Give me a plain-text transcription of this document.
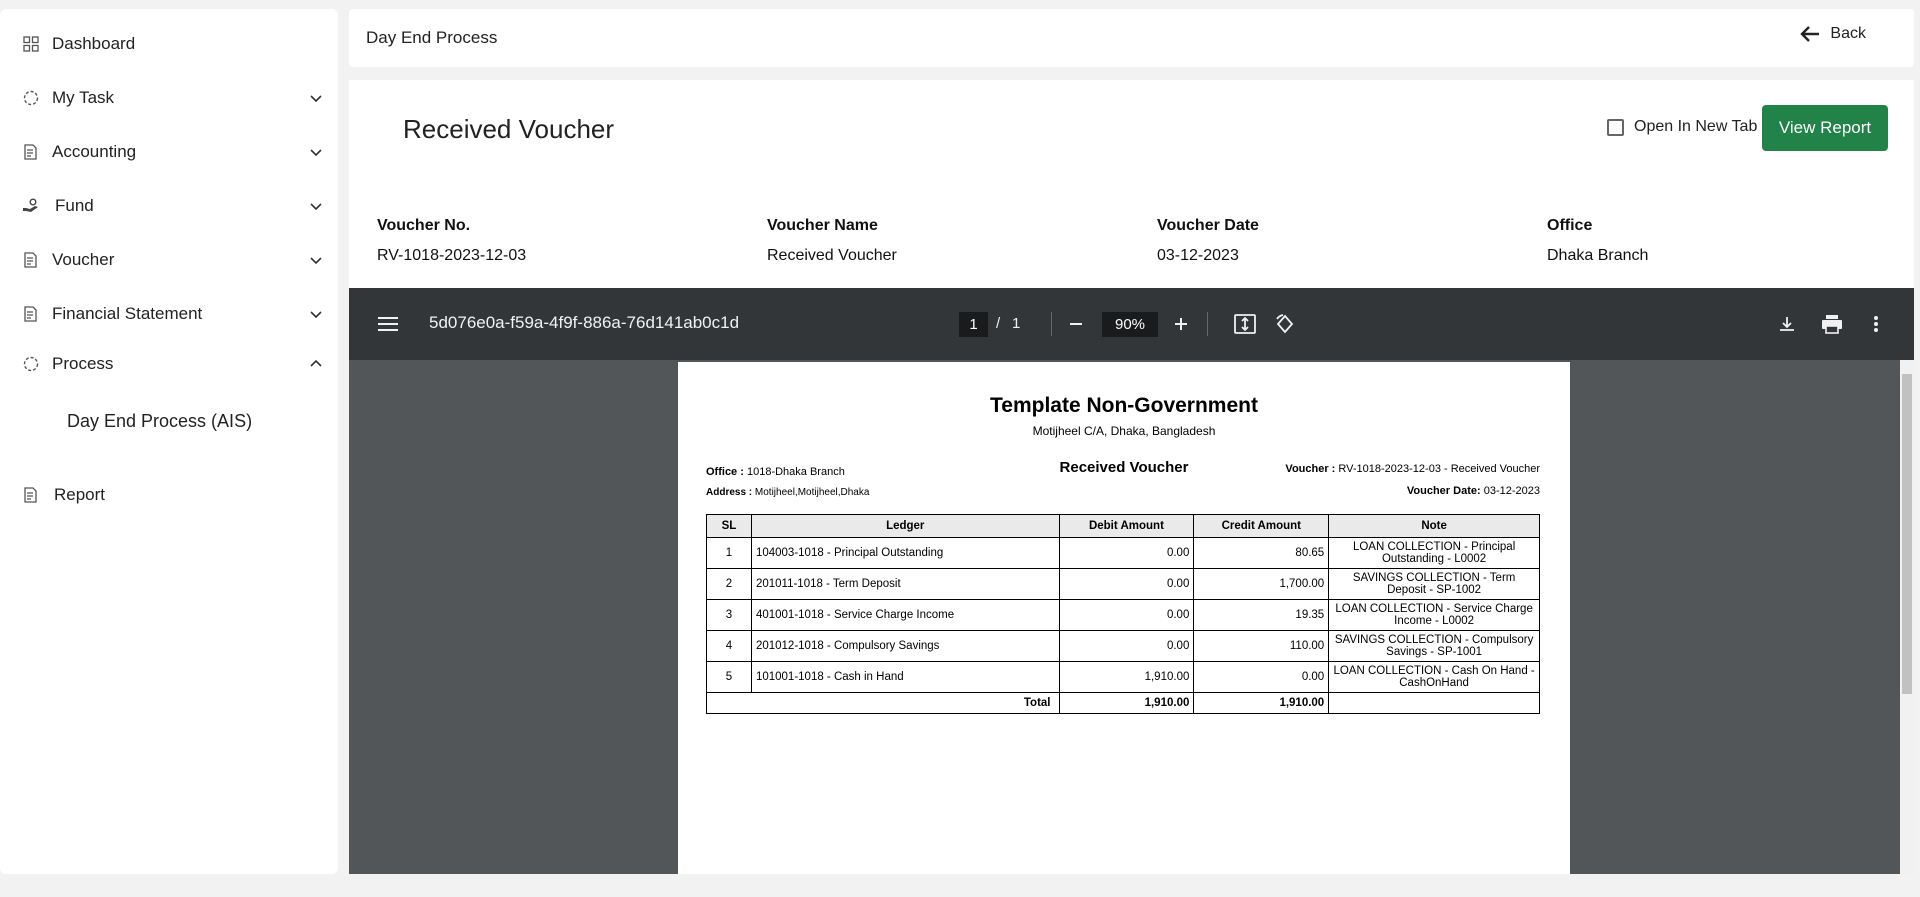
Dashboard
My Task
Accounting
Fund
Voucher
Financial Statement
Process
Day End Process (AIS)
Report
Day End Process	Back
Received Voucher	Open In New Tab	View Report
Voucher No.
RV-1018-2023-12-03
Voucher Name
Received Voucher
Voucher Date
03-12-2023
Office
Dhaka Branch
5d076e0a-f59a-4f9f-886a-76d141ab0c1d	1	/ 1	90%
Template Non-Government
Motijheel C/A, Dhaka, Bangladesh
Office : 1018-Dhaka Branch
Address : Motijheel,Motijheel,Dhaka
Received Voucher	Voucher : RV-1018-2023-12-03 - Received Voucher
Voucher Date: 03-12-2023
SL	Ledger	Debit Amount	Credit Amount	Note
1	104003-1018 - Principal Outstanding	0.00	80.65	LOAN COLLECTION - Principal Outstanding - L0002
2	201011-1018 - Term Deposit	0.00	1,700.00	SAVINGS COLLECTION - Term Deposit - SP-1002
3	401001-1018 - Service Charge Income	0.00	19.35	LOAN COLLECTION - Service Charge Income - L0002
4	201012-1018 - Compulsory Savings	0.00	110.00	SAVINGS COLLECTION - Compulsory Savings - SP-1001
5	101001-1018 - Cash in Hand	1,910.00	0.00	LOAN COLLECTION - Cash On Hand - CashOnHand
Total		1,910.00	1,910.00	
